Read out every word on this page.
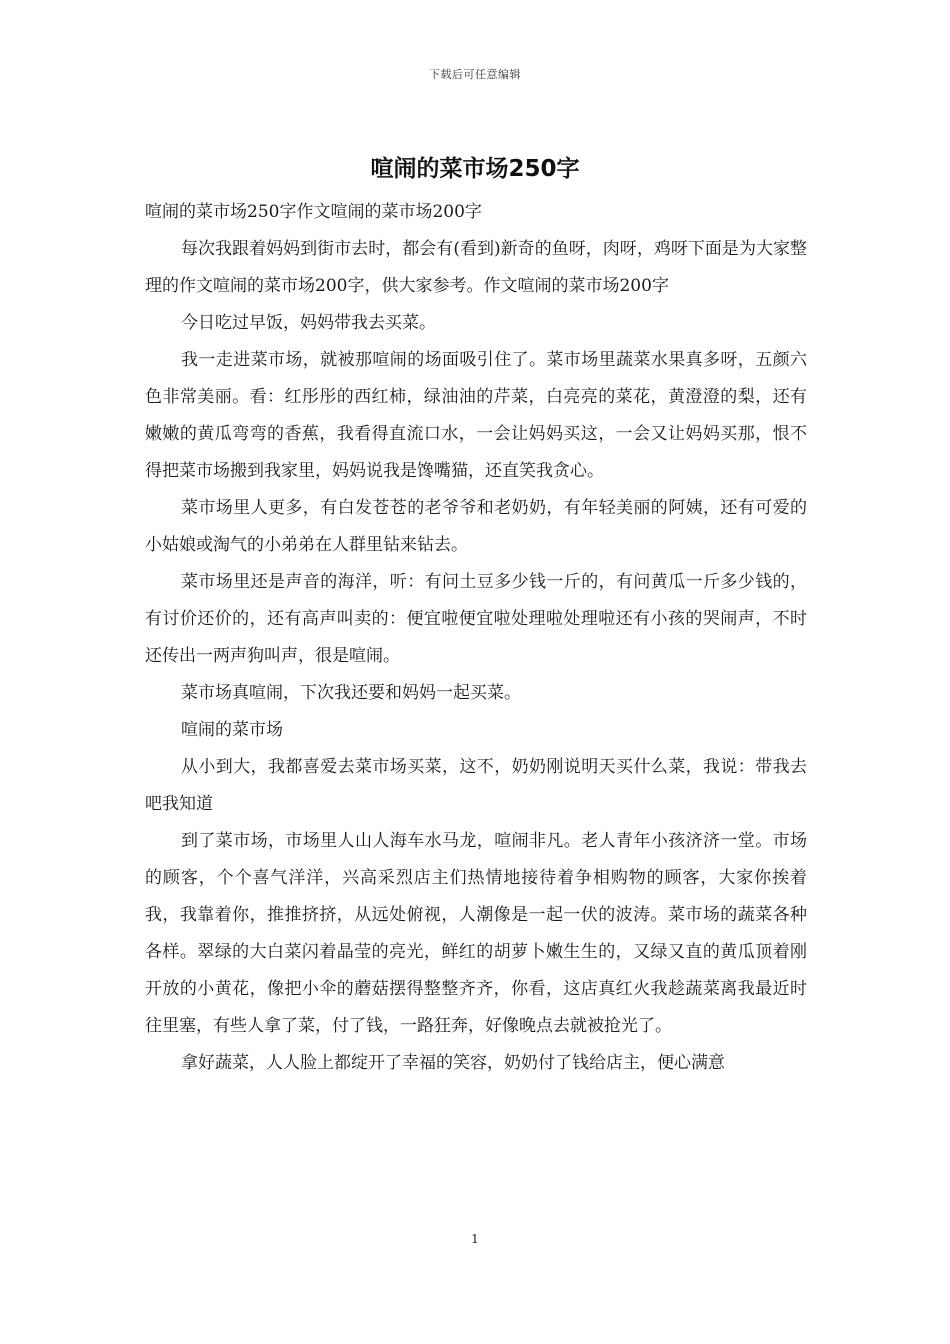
下载后可任意编辑
喧闹的菜市场250字

喧闹的菜市场250字作文喧闹的菜市场200字

每次我跟着妈妈到街市去时，都会有(看到)新奇的鱼呀，肉呀，鸡呀下面是为大家整理的作文喧闹的菜市场200字，供大家参考。作文喧闹的菜市场200字

今日吃过早饭，妈妈带我去买菜。

我一走进菜市场，就被那喧闹的场面吸引住了。菜市场里蔬菜水果真多呀，五颜六色非常美丽。看：红彤彤的西红柿，绿油油的芹菜，白亮亮的菜花，黄澄澄的梨，还有嫩嫩的黄瓜弯弯的香蕉，我看得直流口水，一会让妈妈买这，一会又让妈妈买那，恨不得把菜市场搬到我家里，妈妈说我是馋嘴猫，还直笑我贪心。

菜市场里人更多，有白发苍苍的老爷爷和老奶奶，有年轻美丽的阿姨，还有可爱的小姑娘或淘气的小弟弟在人群里钻来钻去。

菜市场里还是声音的海洋，听：有问土豆多少钱一斤的，有问黄瓜一斤多少钱的，有讨价还价的，还有高声叫卖的：便宜啦便宜啦处理啦处理啦还有小孩的哭闹声，不时还传出一两声狗叫声，很是喧闹。

菜市场真喧闹，下次我还要和妈妈一起买菜。

喧闹的菜市场

从小到大，我都喜爱去菜市场买菜，这不，奶奶刚说明天买什么菜，我说：带我去吧我知道

到了菜市场，市场里人山人海车水马龙，喧闹非凡。老人青年小孩济济一堂。市场的顾客，个个喜气洋洋，兴高采烈店主们热情地接待着争相购物的顾客，大家你挨着我，我靠着你，推推挤挤，从远处俯视，人潮像是一起一伏的波涛。菜市场的蔬菜各种各样。翠绿的大白菜闪着晶莹的亮光，鲜红的胡萝卜嫩生生的，又绿又直的黄瓜顶着刚开放的小黄花，像把小伞的蘑菇摆得整整齐齐，你看，这店真红火我趁蔬菜离我最近时往里塞，有些人拿了菜，付了钱，一路狂奔，好像晚点去就被抢光了。

拿好蔬菜，人人脸上都绽开了幸福的笑容，奶奶付了钱给店主，便心满意

1
